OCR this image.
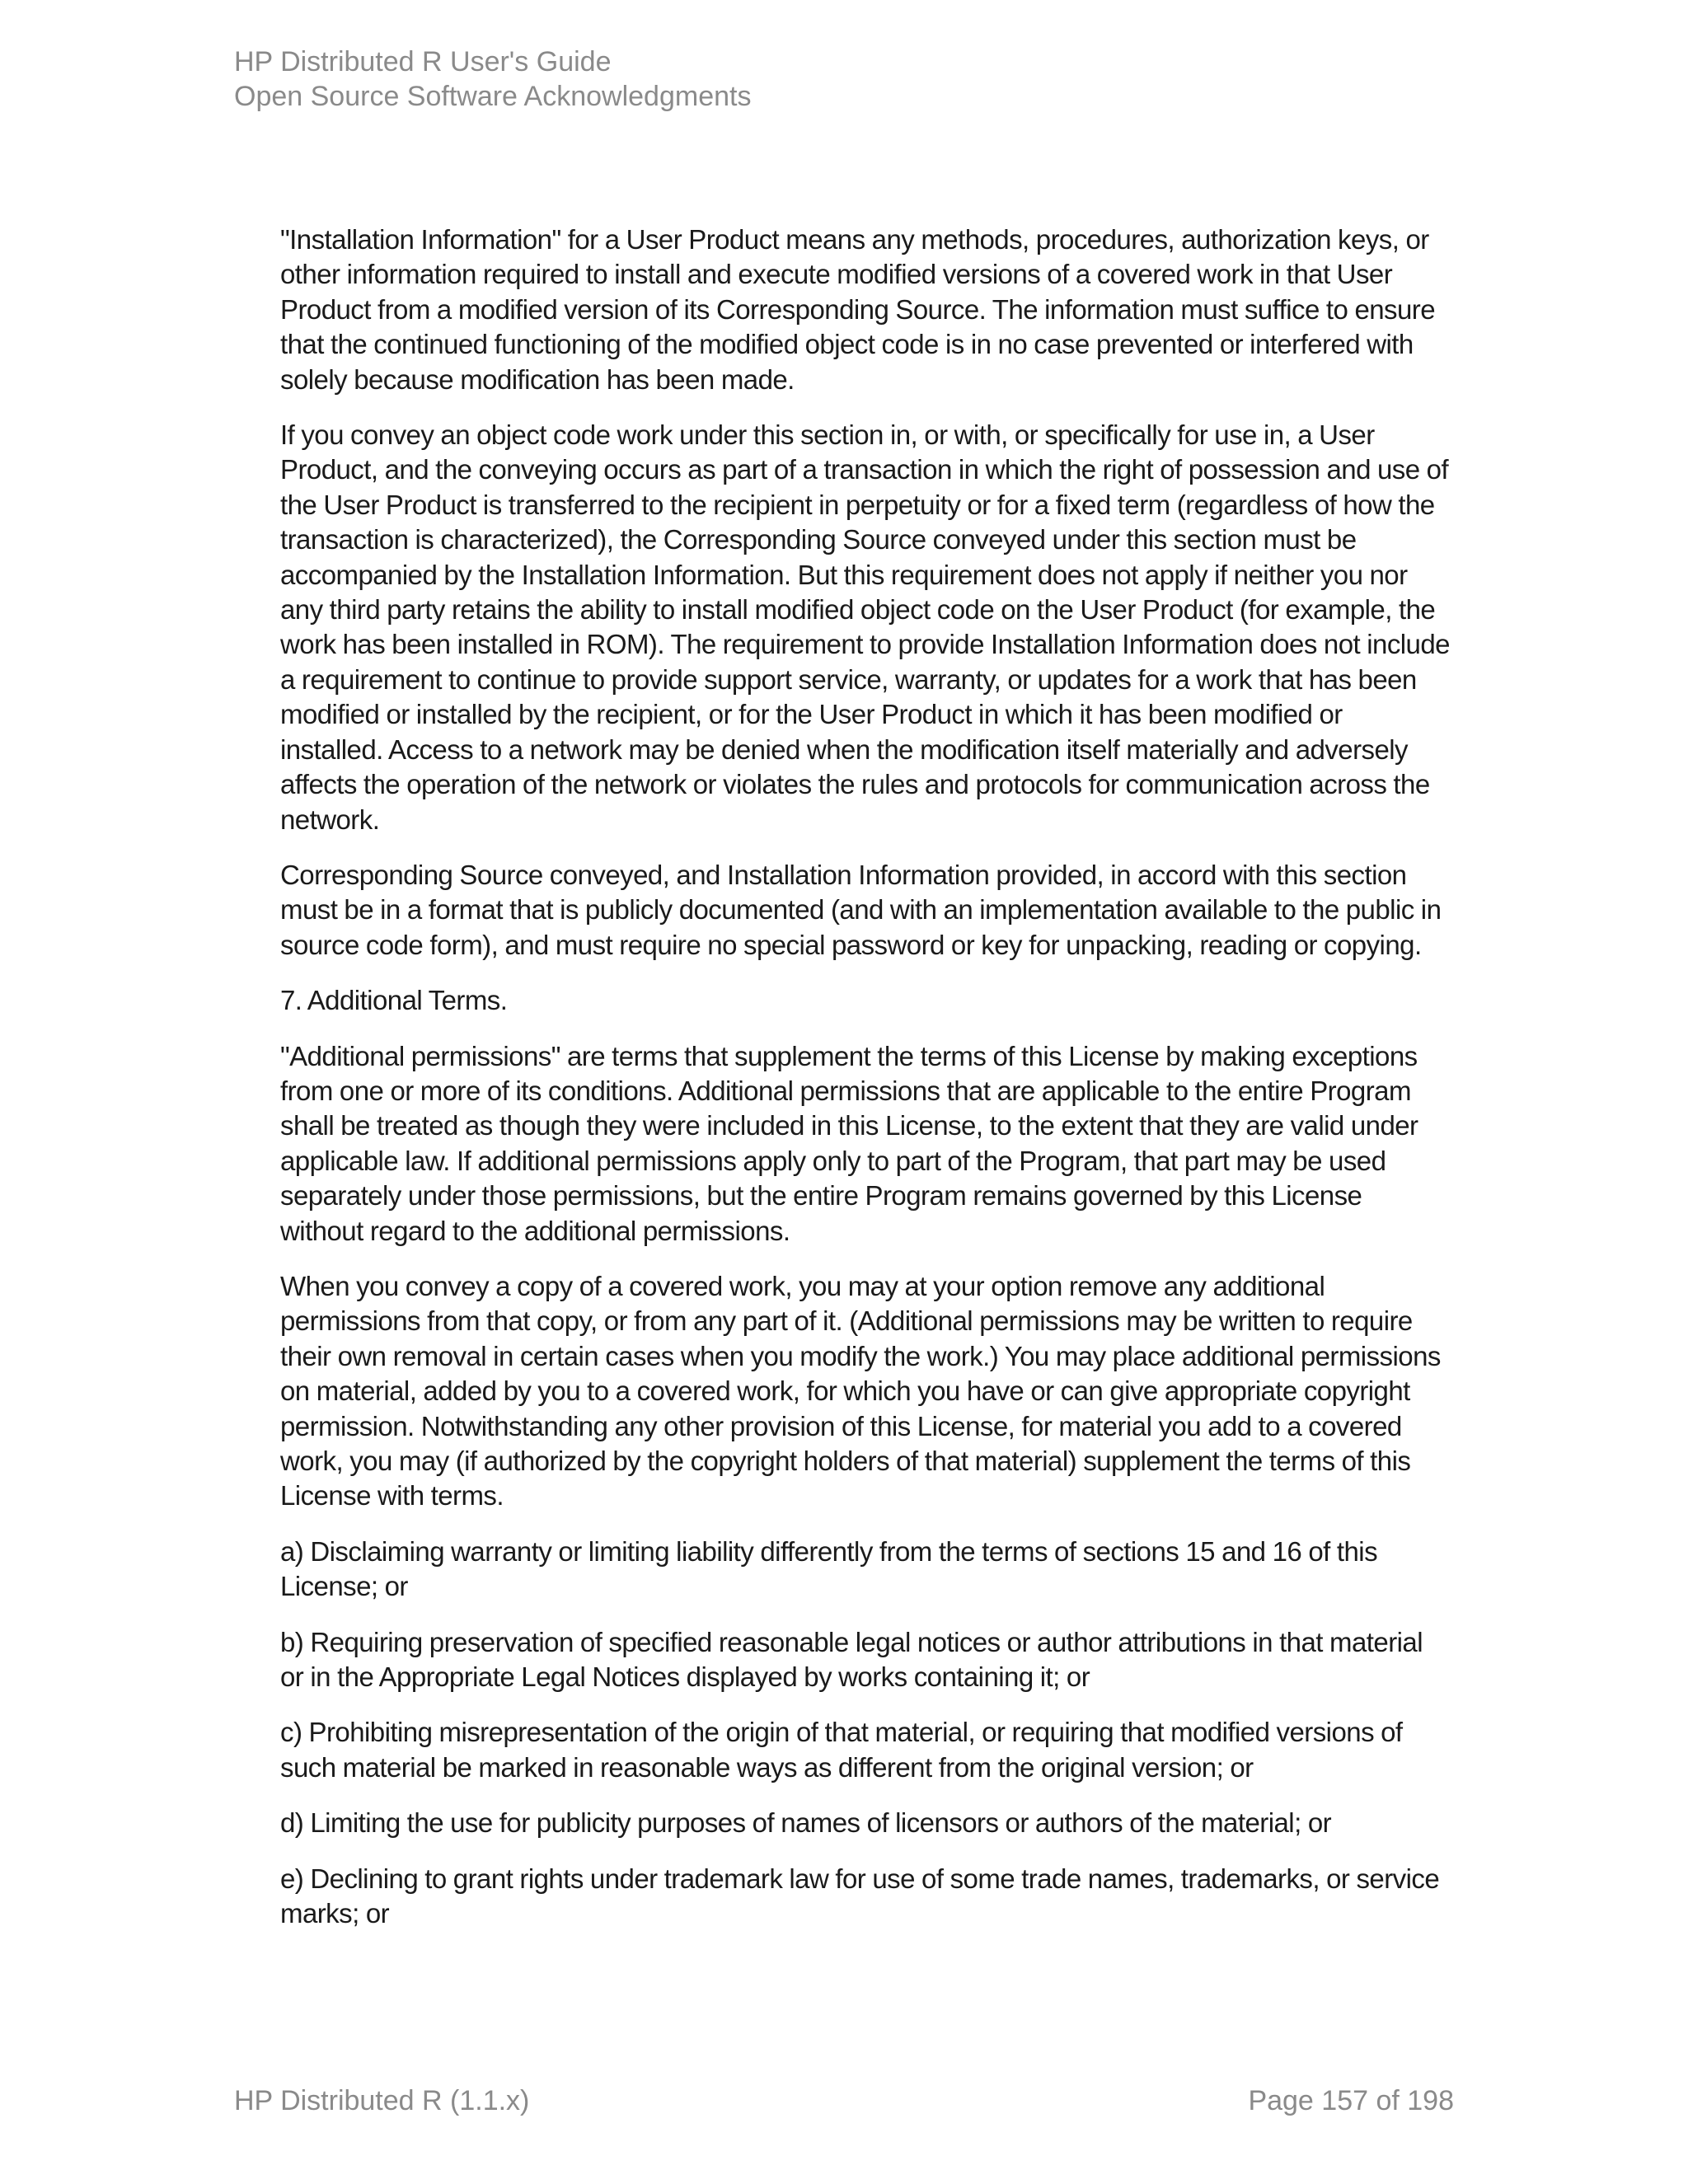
HP Distributed R User's Guide
Open Source Software Acknowledgments

"Installation Information" for a User Product means any methods, procedures, authorization keys, or other information required to install and execute modified versions of a covered work in that User Product from a modified version of its Corresponding Source. The information must suffice to ensure that the continued functioning of the modified object code is in no case prevented or interfered with solely because modification has been made.

If you convey an object code work under this section in, or with, or specifically for use in, a User Product, and the conveying occurs as part of a transaction in which the right of possession and use of the User Product is transferred to the recipient in perpetuity or for a fixed term (regardless of how the transaction is characterized), the Corresponding Source conveyed under this section must be accompanied by the Installation Information. But this requirement does not apply if neither you nor any third party retains the ability to install modified object code on the User Product (for example, the work has been installed in ROM). The requirement to provide Installation Information does not include a requirement to continue to provide support service, warranty, or updates for a work that has been modified or installed by the recipient, or for the User Product in which it has been modified or installed. Access to a network may be denied when the modification itself materially and adversely affects the operation of the network or violates the rules and protocols for communication across the network.

Corresponding Source conveyed, and Installation Information provided, in accord with this section must be in a format that is publicly documented (and with an implementation available to the public in source code form), and must require no special password or key for unpacking, reading or copying.

7. Additional Terms.

"Additional permissions" are terms that supplement the terms of this License by making exceptions from one or more of its conditions. Additional permissions that are applicable to the entire Program shall be treated as though they were included in this License, to the extent that they are valid under applicable law. If additional permissions apply only to part of the Program, that part may be used separately under those permissions, but the entire Program remains governed by this License without regard to the additional permissions.

When you convey a copy of a covered work, you may at your option remove any additional permissions from that copy, or from any part of it. (Additional permissions may be written to require their own removal in certain cases when you modify the work.) You may place additional permissions on material, added by you to a covered work, for which you have or can give appropriate copyright permission. Notwithstanding any other provision of this License, for material you add to a covered work, you may (if authorized by the copyright holders of that material) supplement the terms of this License with terms.

a) Disclaiming warranty or limiting liability differently from the terms of sections 15 and 16 of this License; or

b) Requiring preservation of specified reasonable legal notices or author attributions in that material or in the Appropriate Legal Notices displayed by works containing it; or

c) Prohibiting misrepresentation of the origin of that material, or requiring that modified versions of such material be marked in reasonable ways as different from the original version; or

d) Limiting the use for publicity purposes of names of licensors or authors of the material; or

e) Declining to grant rights under trademark law for use of some trade names, trademarks, or service marks; or

HP Distributed R (1.1.x)	Page 157 of 198
